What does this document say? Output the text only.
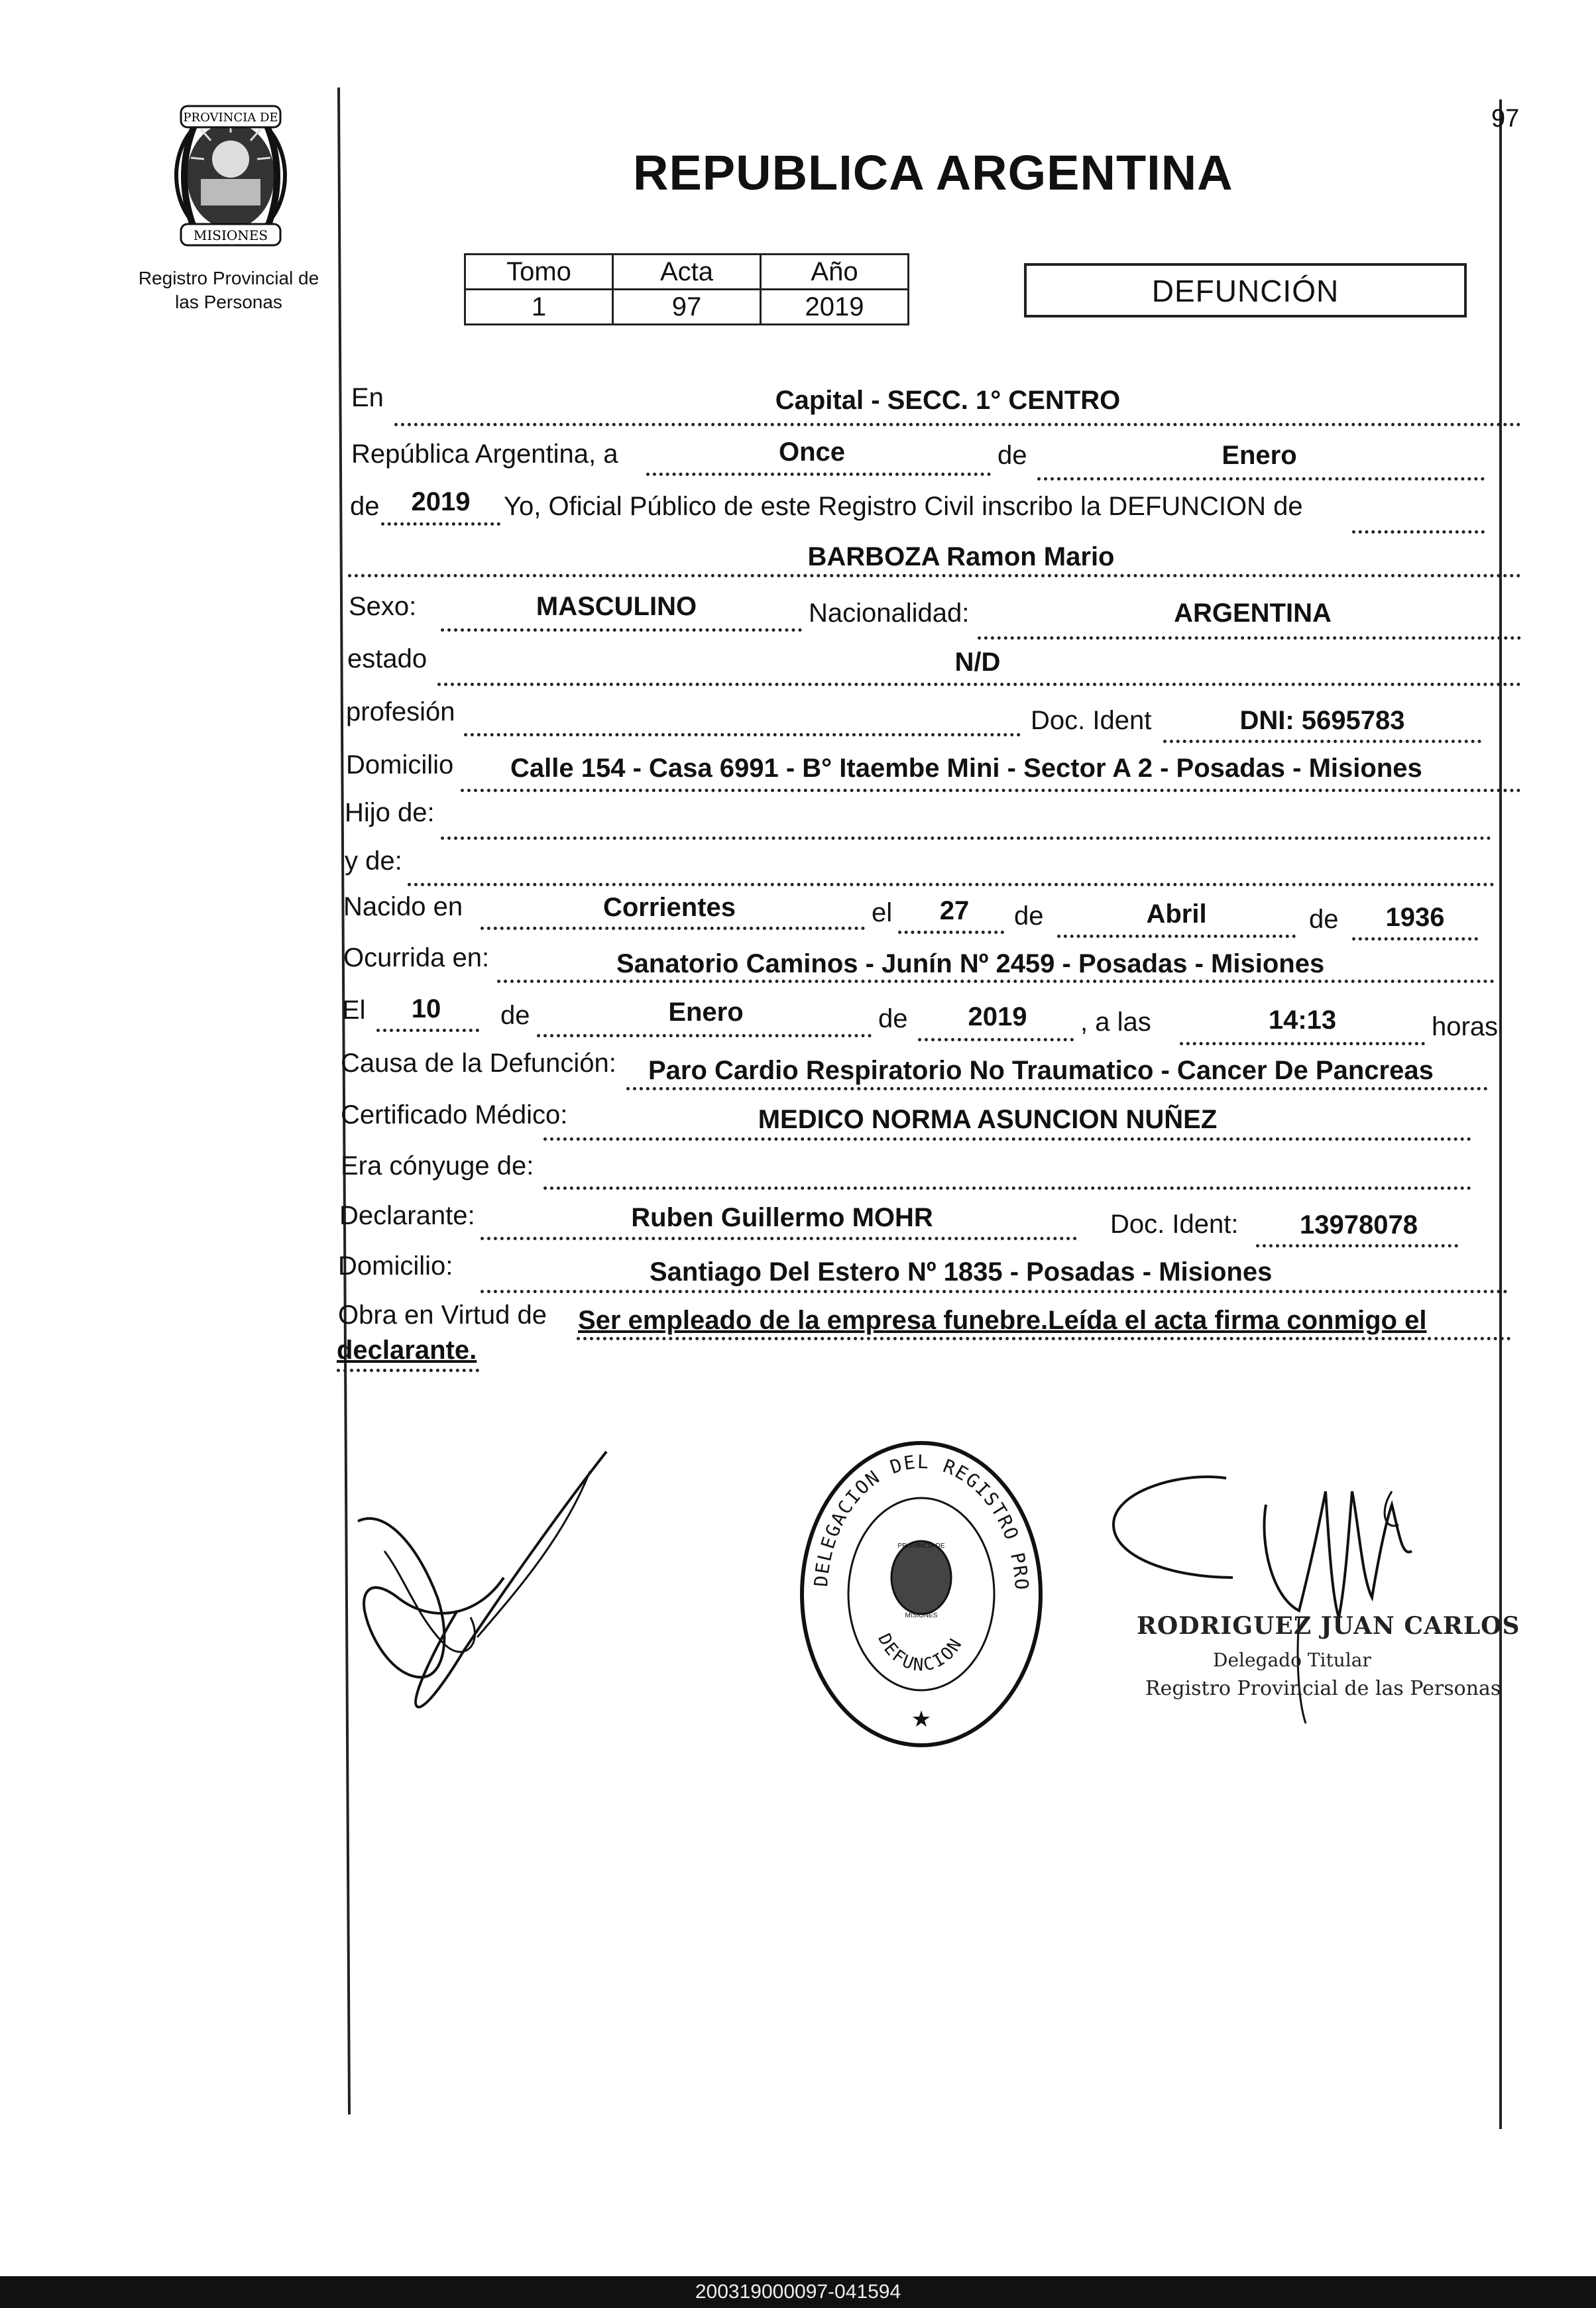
97
PROVINCIA DE
MISIONES
Registro Provincial de
las Personas
REPUBLICA ARGENTINA
Tomo	Acta	Año
1	97	2019	DEFUNCIÓN
En	Capital - SECC. 1° CENTRO
República Argentina, a	Once	de	Enero
de	2019	Yo, Oficial Público de este Registro Civil inscribo la DEFUNCION de
BARBOZA Ramon Mario
Sexo:	MASCULINO	Nacionalidad:	ARGENTINA
estado	N/D
profesión	Doc. Ident	DNI: 5695783
Domicilio Calle 154 - Casa 6991 - B° Itaembe Mini - Sector A 2 - Posadas - Misiones
Hijo de:
y de:
Nacido en	Corrientes	el	27	de	Abril	de	1936
Ocurrida en:	Sanatorio Caminos - Junín Nº 2459 - Posadas - Misiones
El	10	de	Enero	de	2019	, a las	14:13	horas
Causa de la Defunción: Paro Cardio Respiratorio No Traumatico - Cancer De Pancreas
Certificado Médico:	MEDICO NORMA ASUNCION NUÑEZ
Era cónyuge de:
Declarante:	Ruben Guillermo MOHR	Doc. Ident:	13978078
Domicilio:	Santiago Del Estero Nº 1835 - Posadas - Misiones
Obra en Virtud de Ser empleado de la empresa funebre.Leída el acta firma conmigo el
declarante.
DELEGACION DEL REGISTRO PRO
PROVINCIA DE
MISIONES
DEFUNCION
★
RODRIGUEZ JUAN CARLOS
Delegado Titular
Registro Provincial de las Personas
200319000097-041594
